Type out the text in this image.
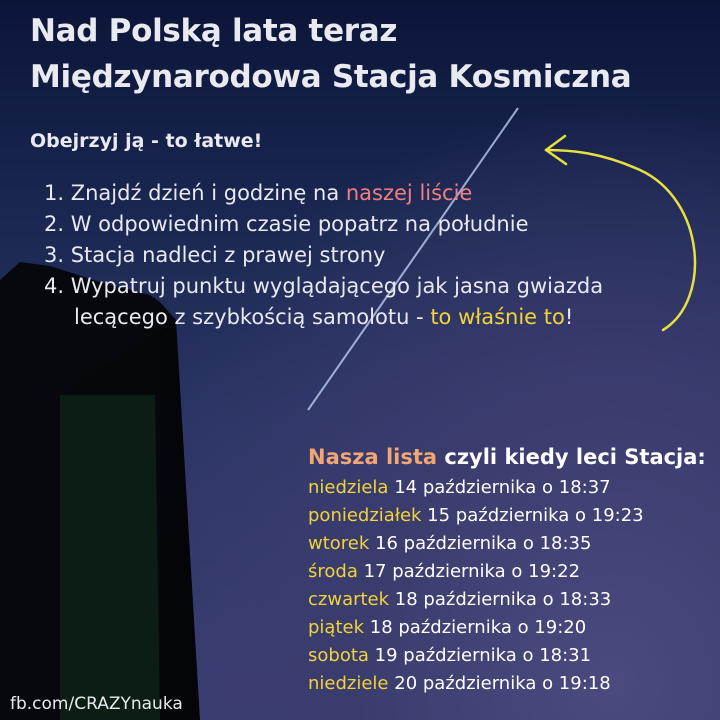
Nad Polską lata teraz
Międzynarodowa Stacja Kosmiczna
Obejrzyj ją - to łatwe!
1. Znajdź dzień i godzinę na naszej liście
2. W odpowiednim czasie popatrz na południe
3. Stacja nadleci z prawej strony
4. Wypatruj punktu wyglądającego jak jasna gwiazda
lecącego z szybkością samolotu - to właśnie to!
Nasza lista czyli kiedy leci Stacja:
niedziela 14 października o 18:37
poniedziałek 15 października o 19:23
wtorek 16 października o 18:35
środa 17 października o 19:22
czwartek 18 października o 18:33
piątek 18 października o 19:20
sobota 19 października o 18:31
niedziele 20 października o 19:18
fb.com/CRAZYnauka
